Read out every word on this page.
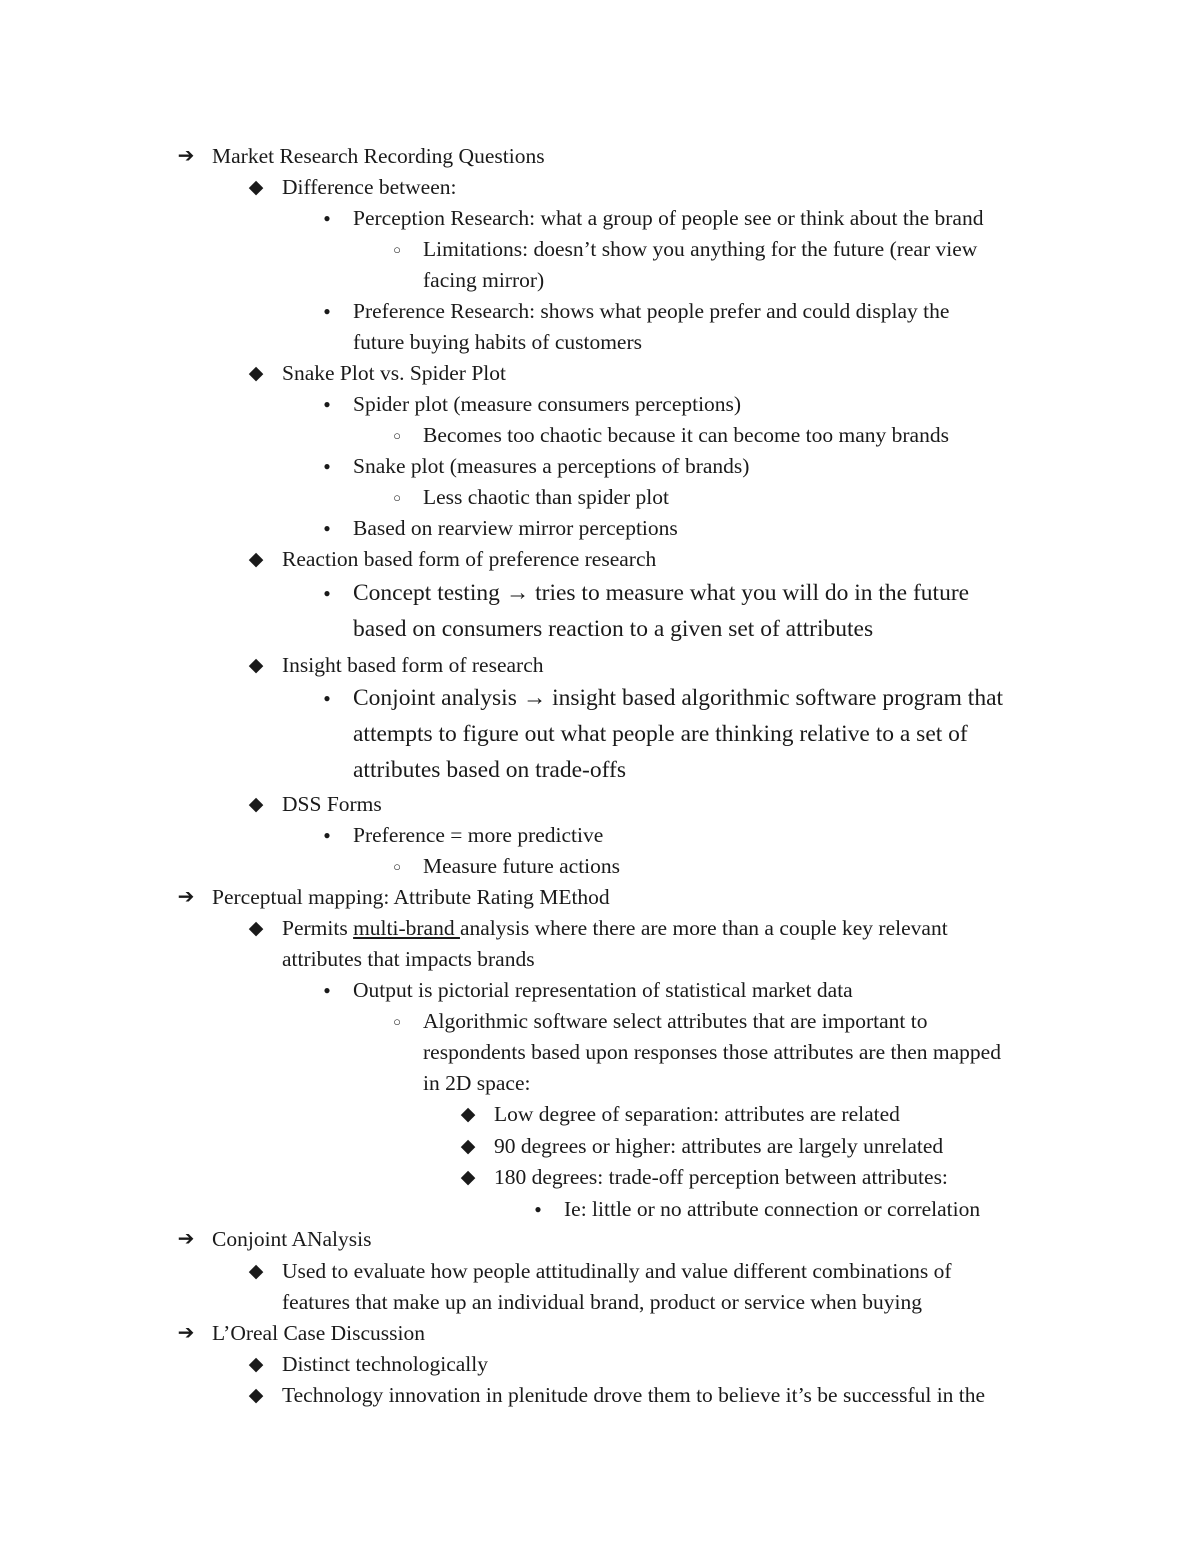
➔ Market Research Recording Questions
◆ Difference between:
●	Perception Research: what a group of people see or think about the brand
○	Limitations: doesn’t show you anything for the future (rear view
facing mirror)
●	Preference Research: shows what people prefer and could display the
future buying habits of customers
◆ Snake Plot vs. Spider Plot
●	Spider plot (measure consumers perceptions)
○	Becomes too chaotic because it can become too many brands
●	Snake plot (measures a perceptions of brands)
○	Less chaotic than spider plot
●	Based on rearview mirror perceptions
◆ Reaction based form of preference research
● Concept testing → tries to measure what you will do in the future
based on consumers reaction to a given set of attributes
◆ Insight based form of research
● Conjoint analysis → insight based algorithmic software program that
attempts to figure out what people are thinking relative to a set of
attributes based on trade-offs
◆ DSS Forms
●	Preference = more predictive
○	Measure future actions
➔ Perceptual mapping: Attribute Rating MEthod
◆ Permits multi-brand analysis where there are more than a couple key relevant
attributes that impacts brands
●	Output is pictorial representation of statistical market data
○	Algorithmic software select attributes that are important to
respondents based upon responses those attributes are then mapped
in 2D space:
◆ Low degree of separation: attributes are related
◆ 90 degrees or higher: attributes are largely unrelated
◆ 180 degrees: trade-off perception between attributes:
●	Ie: little or no attribute connection or correlation
➔ Conjoint ANalysis
◆ Used to evaluate how people attitudinally and value different combinations of
features that make up an individual brand, product or service when buying
➔ L’Oreal Case Discussion
◆ Distinct technologically
◆ Technology innovation in plenitude drove them to believe it’s be successful in the
